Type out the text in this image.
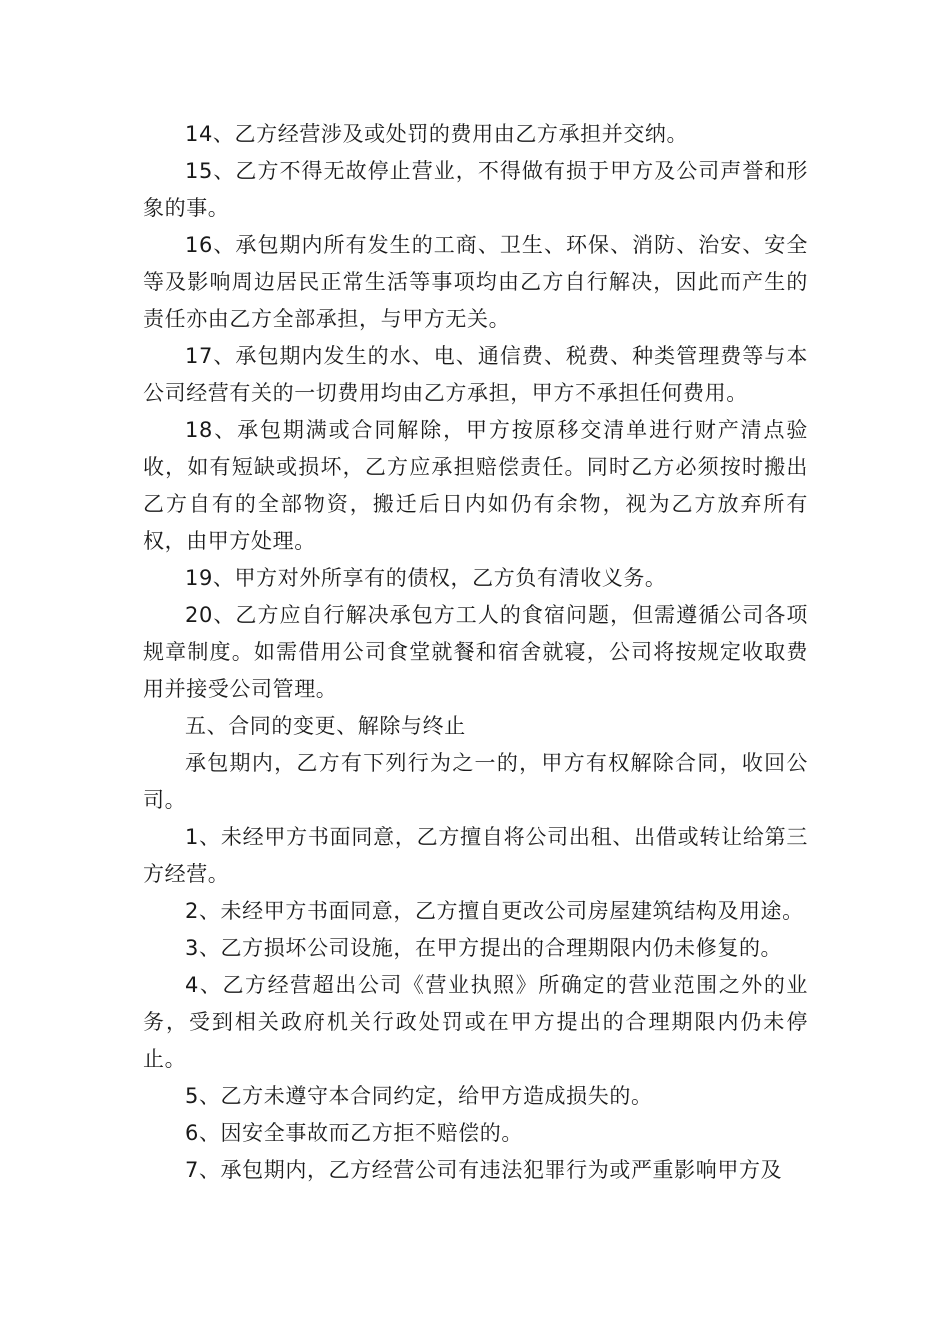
14、乙方经营涉及或处罚的费用由乙方承担并交纳。

15、乙方不得无故停止营业，不得做有损于甲方及公司声誉和形象的事。

16、承包期内所有发生的工商、卫生、环保、消防、治安、安全等及影响周边居民正常生活等事项均由乙方自行解决，因此而产生的责任亦由乙方全部承担，与甲方无关。

17、承包期内发生的水、电、通信费、税费、种类管理费等与本公司经营有关的一切费用均由乙方承担，甲方不承担任何费用。

18、承包期满或合同解除，甲方按原移交清单进行财产清点验收，如有短缺或损坏，乙方应承担赔偿责任。同时乙方必须按时搬出乙方自有的全部物资，搬迁后日内如仍有余物，视为乙方放弃所有权，由甲方处理。

19、甲方对外所享有的债权，乙方负有清收义务。

20、乙方应自行解决承包方工人的食宿问题，但需遵循公司各项规章制度。如需借用公司食堂就餐和宿舍就寝，公司将按规定收取费用并接受公司管理。

五、合同的变更、解除与终止

承包期内，乙方有下列行为之一的，甲方有权解除合同，收回公司。

1、未经甲方书面同意，乙方擅自将公司出租、出借或转让给第三方经营。

2、未经甲方书面同意，乙方擅自更改公司房屋建筑结构及用途。

3、乙方损坏公司设施，在甲方提出的合理期限内仍未修复的。

4、乙方经营超出公司《营业执照》所确定的营业范围之外的业务，受到相关政府机关行政处罚或在甲方提出的合理期限内仍未停止。

5、乙方未遵守本合同约定，给甲方造成损失的。

6、因安全事故而乙方拒不赔偿的。

7、承包期内，乙方经营公司有违法犯罪行为或严重影响甲方及
